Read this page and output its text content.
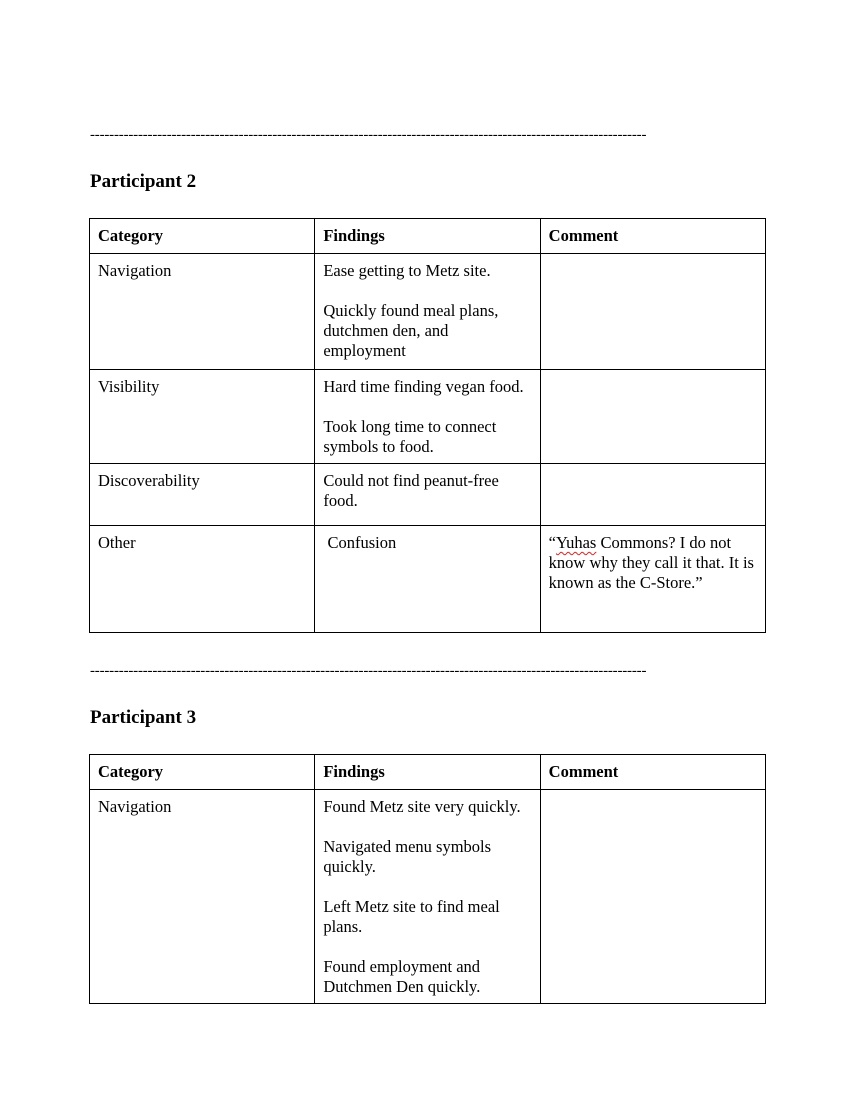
--------------------------------------------------------------------------------------------------------------------
Participant 2
Category	Findings	Comment
Navigation	Ease getting to Metz site.

Quickly found meal plans, dutchmen den, and employment	

Visibility	Hard time finding vegan food.

Took long time to connect symbols to food.	

Discoverability	Could not find peanut-free food.	

Other	Confusion	“Yuhas Commons? I do not know why they call it that. It is known as the C-Store.”
--------------------------------------------------------------------------------------------------------------------
Participant 3
Category	Findings	Comment
Navigation	Found Metz site very quickly.

Navigated menu symbols quickly.

Left Metz site to find meal plans.

Found employment and Dutchmen Den quickly.	
